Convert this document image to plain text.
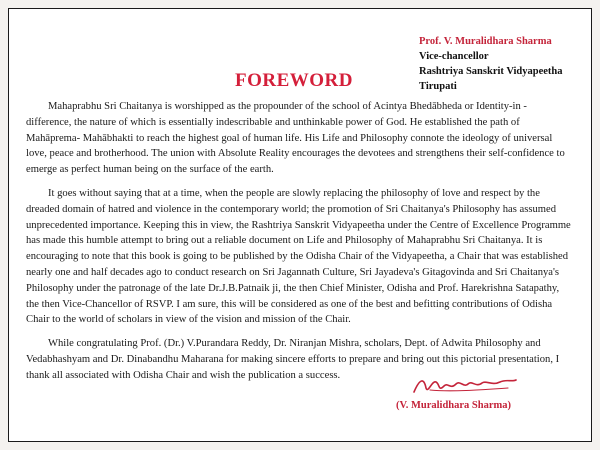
Prof. V. Muralidhara Sharma
Vice-chancellor
Rashtriya Sanskrit Vidyapeetha
Tirupati
FOREWORD

Mahaprabhu Sri Chaitanya is worshipped as the propounder of the school of Acintya Bhedābheda or Identity-in -difference, the nature of which is essentially indescribable and unthinkable power of God. He established the path of Mahāprema- Mahābhakti to reach the highest goal of human life. His Life and Philosophy connote the ideology of universal love, peace and brotherhood. The union with Absolute Reality encourages the devotees and strengthens their self-confidence to emerge as perfect human being on the surface of the earth.

It goes without saying that at a time, when the people are slowly replacing the philosophy of love and respect by the dreaded domain of hatred and violence in the contemporary world; the promotion of Sri Chaitanya's Philosophy has assumed unprecedented importance. Keeping this in view, the Rashtriya Sanskrit Vidyapeetha under the Centre of Excellence Programme has made this humble attempt to bring out a reliable document on Life and Philosophy of Mahaprabhu Sri Chaitanya. It is encouraging to note that this book is going to be published by the Odisha Chair of the Vidyapeetha, a Chair that was established nearly one and half decades ago to conduct research on Sri Jagannath Culture, Sri Jayadeva's Gitagovinda and Sri Chaitanya's Philosophy under the patronage of the late Dr.J.B.Patnaik ji, the then Chief Minister, Odisha and Prof. Harekrishna Satapathy, the then Vice-Chancellor of RSVP. I am sure, this will be considered as one of the best and befitting contributions of Odisha Chair to the world of scholars in view of the vision and mission of the Chair.

While congratulating Prof. (Dr.) V.Purandara Reddy, Dr. Niranjan Mishra, scholars, Dept. of Adwita Philosophy and Vedabhashyam and Dr. Dinabandhu Maharana for making sincere efforts to prepare and bring out this pictorial presentation, I thank all associated with Odisha Chair and wish the publication a success.

(V. Muralidhara Sharma)
